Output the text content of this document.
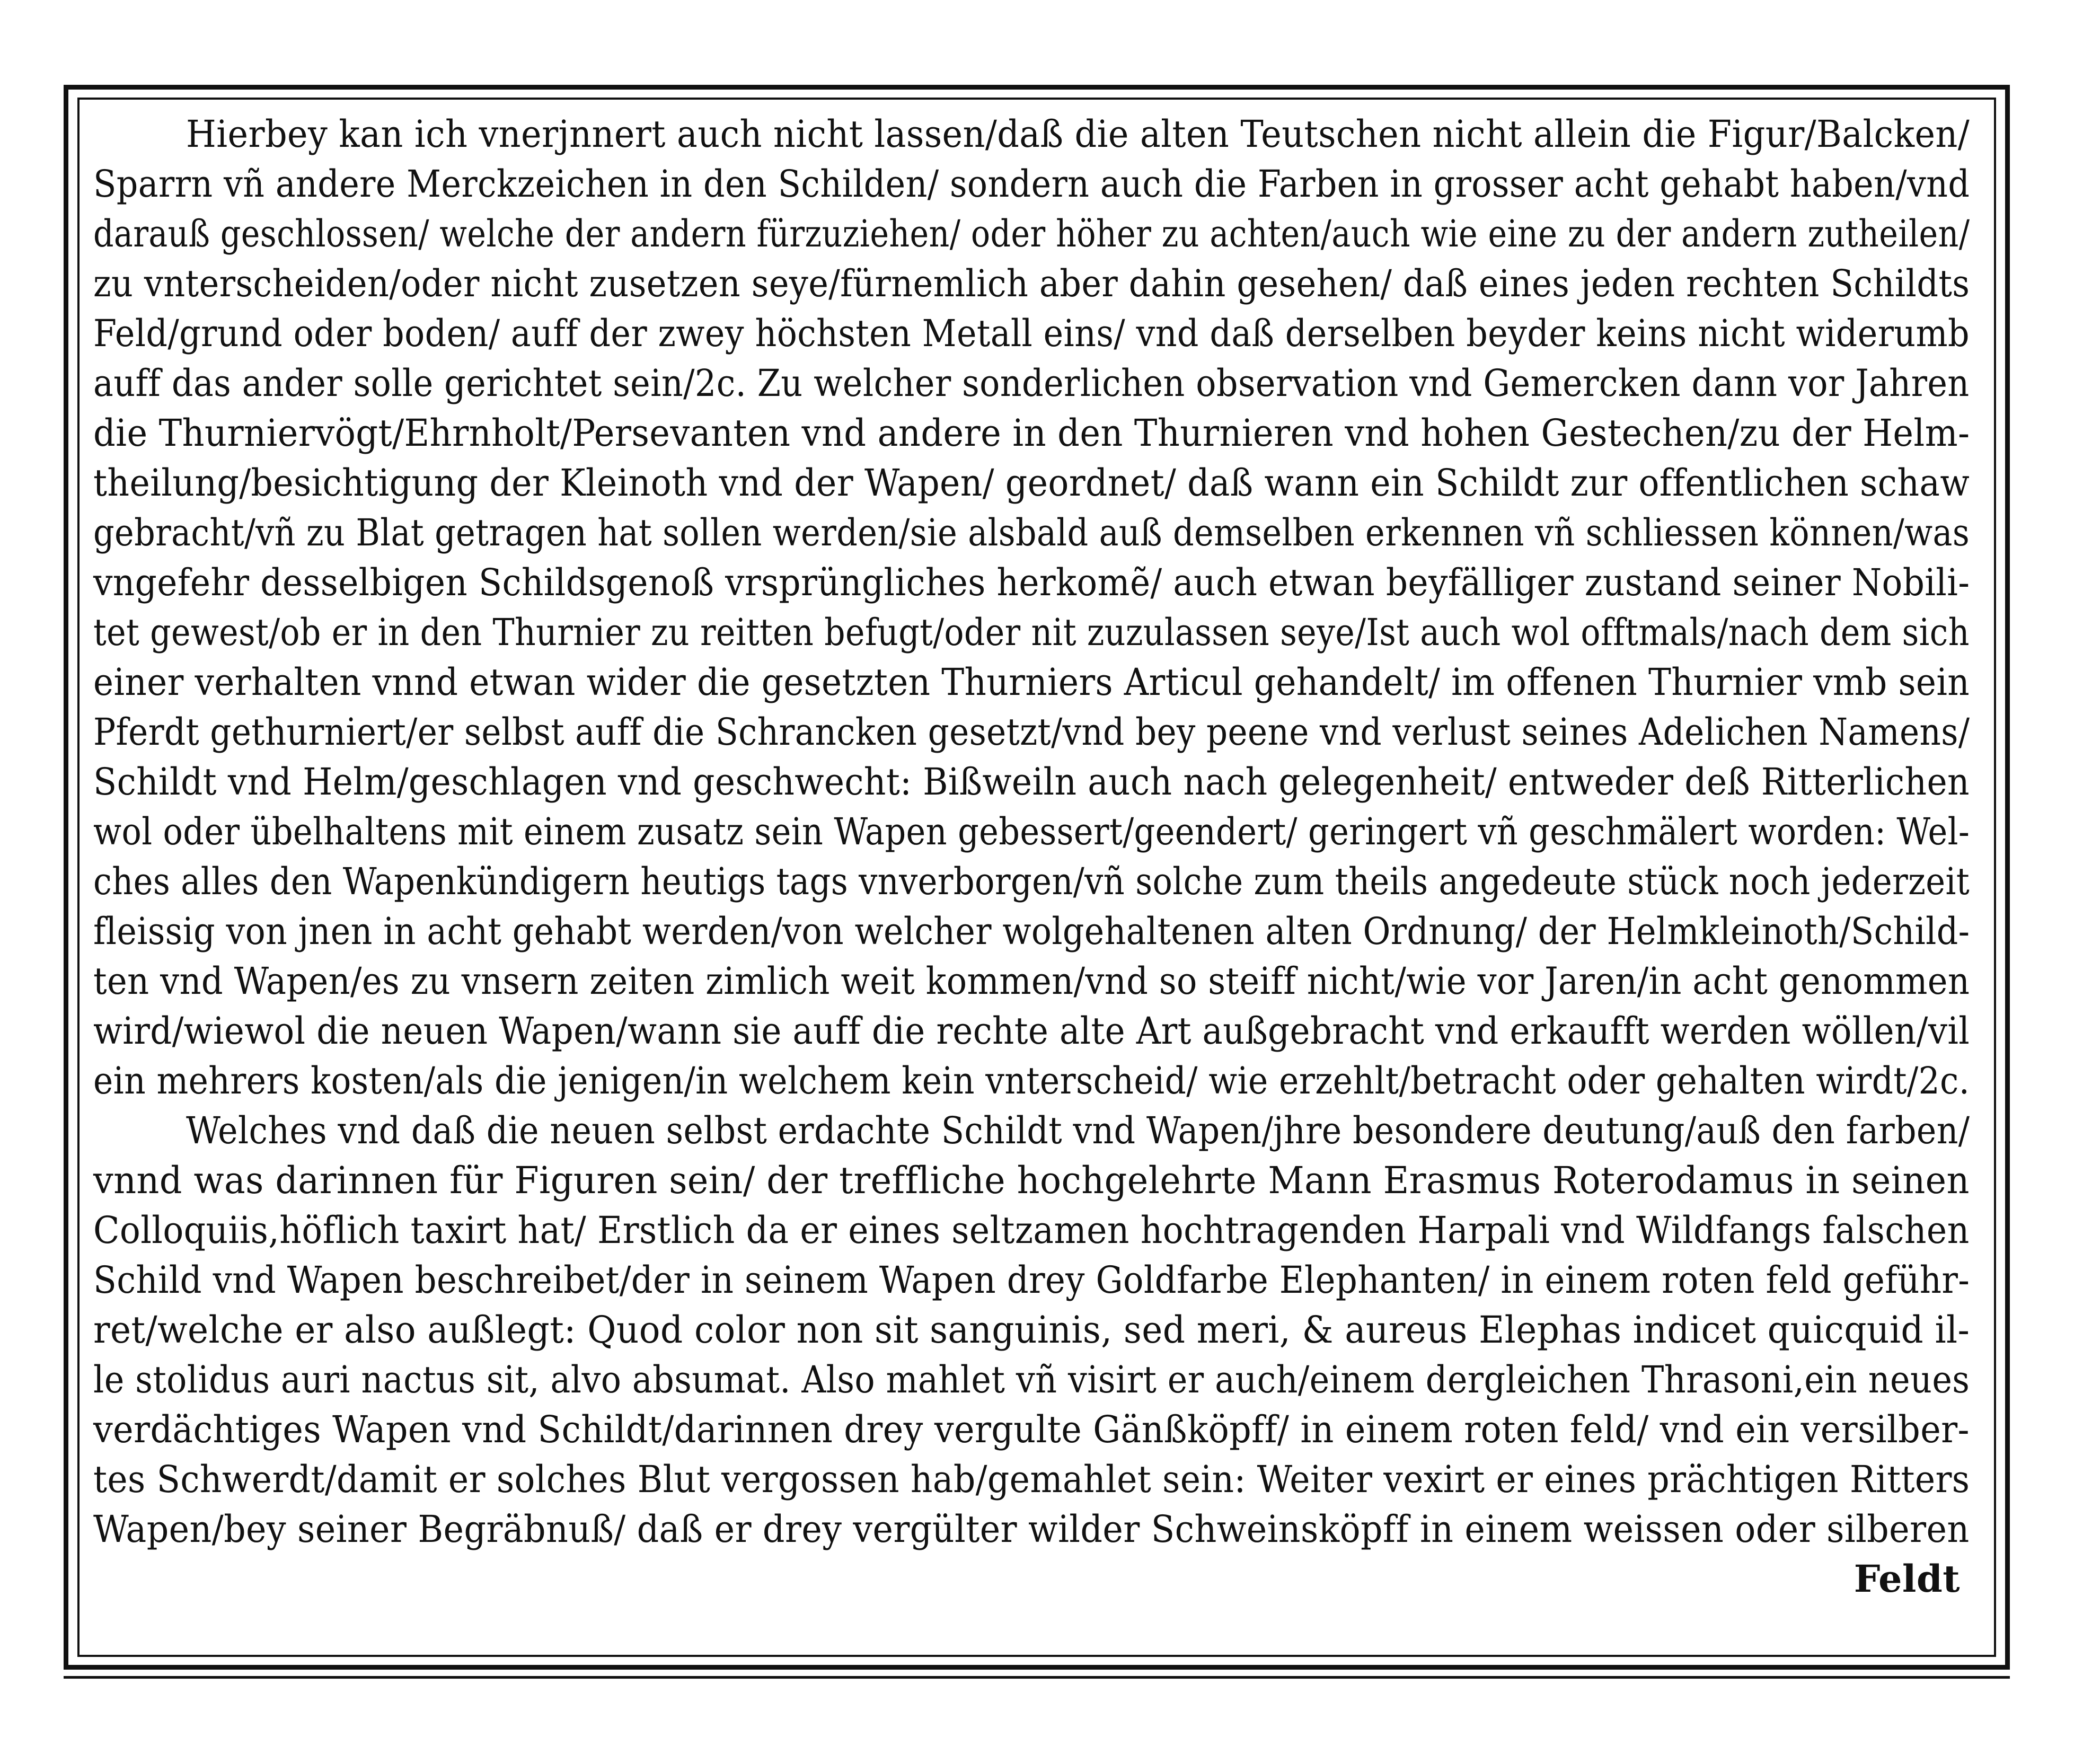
Hierbey kan ich vnerjnnert auch nicht lassen/daß die alten Teutschen nicht allein die Figur/Balcken/
Sparrn vñ andere Merckzeichen in den Schilden/ sondern auch die Farben in grosser acht gehabt haben/vnd
darauß geschlossen/ welche der andern fürzuziehen/ oder höher zu achten/auch wie eine zu der andern zutheilen/
zu vnterscheiden/oder nicht zusetzen seye/fürnemlich aber dahin gesehen/ daß eines jeden rechten Schildts
Feld/grund oder boden/ auff der zwey höchsten Metall eins/ vnd daß derselben beyder keins nicht widerumb
auff das ander solle gerichtet sein/2c. Zu welcher sonderlichen observation vnd Gemercken dann vor Jahren
die Thurniervögt/Ehrnholt/Persevanten vnd andere in den Thurnieren vnd hohen Gestechen/zu der Helm-
theilung/besichtigung der Kleinoth vnd der Wapen/ geordnet/ daß wann ein Schildt zur offentlichen schaw
gebracht/vñ zu Blat getragen hat sollen werden/sie alsbald auß demselben erkennen vñ schliessen können/was
vngefehr desselbigen Schildsgenoß vrsprüngliches herkomẽ/ auch etwan beyfälliger zustand seiner Nobili-
tet gewest/ob er in den Thurnier zu reitten befugt/oder nit zuzulassen seye/Ist auch wol offtmals/nach dem sich
einer verhalten vnnd etwan wider die gesetzten Thurniers Articul gehandelt/ im offenen Thurnier vmb sein
Pferdt gethurniert/er selbst auff die Schrancken gesetzt/vnd bey peene vnd verlust seines Adelichen Namens/
Schildt vnd Helm/geschlagen vnd geschwecht: Bißweiln auch nach gelegenheit/ entweder deß Ritterlichen
wol oder übelhaltens mit einem zusatz sein Wapen gebessert/geendert/ geringert vñ geschmälert worden: Wel-
ches alles den Wapenkündigern heutigs tags vnverborgen/vñ solche zum theils angedeute stück noch jederzeit
fleissig von jnen in acht gehabt werden/von welcher wolgehaltenen alten Ordnung/ der Helmkleinoth/Schild-
ten vnd Wapen/es zu vnsern zeiten zimlich weit kommen/vnd so steiff nicht/wie vor Jaren/in acht genommen
wird/wiewol die neuen Wapen/wann sie auff die rechte alte Art außgebracht vnd erkaufft werden wöllen/vil
ein mehrers kosten/als die jenigen/in welchem kein vnterscheid/ wie erzehlt/betracht oder gehalten wirdt/2c.
Welches vnd daß die neuen selbst erdachte Schildt vnd Wapen/jhre besondere deutung/auß den farben/
vnnd was darinnen für Figuren sein/ der treffliche hochgelehrte Mann Erasmus Roterodamus in seinen
Colloquiis,höflich taxirt hat/ Erstlich da er eines seltzamen hochtragenden Harpali vnd Wildfangs falschen
Schild vnd Wapen beschreibet/der in seinem Wapen drey Goldfarbe Elephanten/ in einem roten feld geführ-
ret/welche er also außlegt: Quod color non sit sanguinis, sed meri, & aureus Elephas indicet quicquid il-
le stolidus auri nactus sit, alvo absumat. Also mahlet vñ visirt er auch/einem dergleichen Thrasoni,ein neues
verdächtiges Wapen vnd Schildt/darinnen drey vergulte Gänßköpff/ in einem roten feld/ vnd ein versilber-
tes Schwerdt/damit er solches Blut vergossen hab/gemahlet sein: Weiter vexirt er eines prächtigen Ritters
Wapen/bey seiner Begräbnuß/ daß er drey vergülter wilder Schweinsköpff in einem weissen oder silberen
Feldt
